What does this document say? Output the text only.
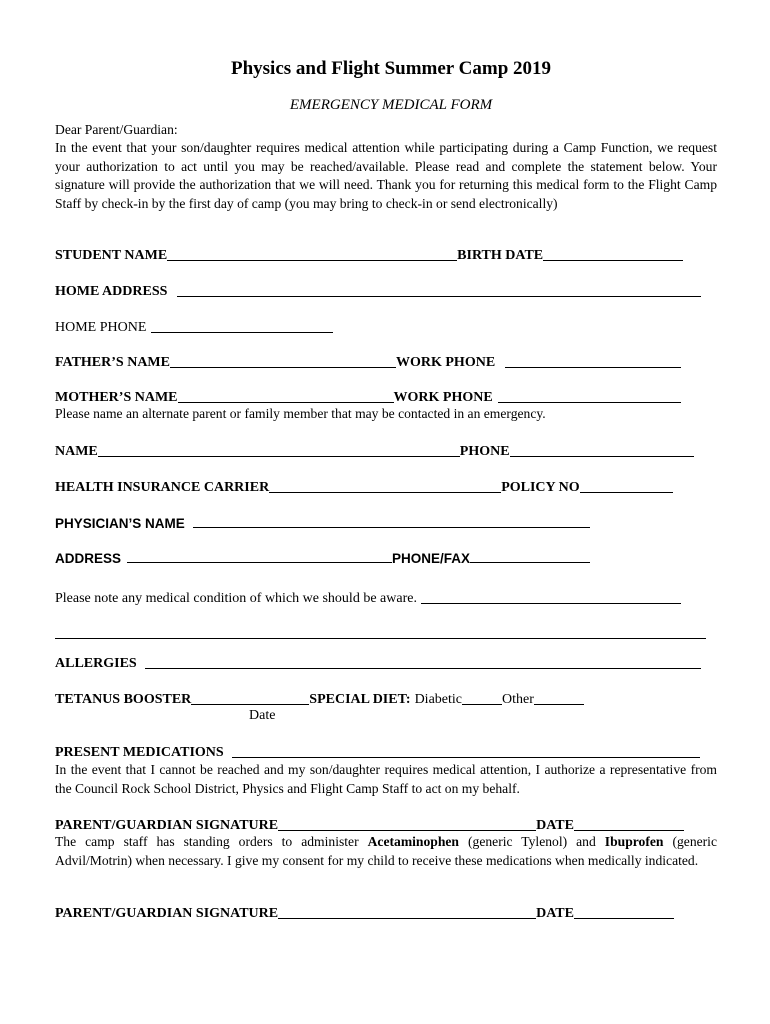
Physics and Flight Summer Camp 2019
EMERGENCY MEDICAL FORM

Dear Parent/Guardian:

In the event that your son/daughter requires medical attention while participating during a Camp Function, we request your authorization to act until you may be reached/available. Please read and complete the statement below. Your signature will provide the authorization that we will need. Thank you for returning this medical form to the Flight Camp Staff by check-in by the first day of camp (you may bring to check-in or send electronically)

STUDENT NAME	BIRTH DATE
HOME ADDRESS
HOME PHONE
FATHER’S NAME	WORK PHONE
MOTHER’S NAME	WORK PHONE
Please name an alternate parent or family member that may be contacted in an emergency.
NAME	PHONE
HEALTH INSURANCE CARRIER	POLICY NO
PHYSICIAN’S NAME
ADDRESS	PHONE/FAX
Please note any medical condition of which we should be aware.
ALLERGIES
TETANUS BOOSTER	SPECIAL DIET: Diabetic	Other
Date
PRESENT MEDICATIONS

In the event that I cannot be reached and my son/daughter requires medical attention, I authorize a representative from the Council Rock School District, Physics and Flight Camp Staff to act on my behalf.

PARENT/GUARDIAN SIGNATURE	DATE

The camp staff has standing orders to administer Acetaminophen (generic Tylenol) and Ibuprofen (generic Advil/Motrin) when necessary. I give my consent for my child to receive these medications when medically indicated.

PARENT/GUARDIAN SIGNATURE	DATE
